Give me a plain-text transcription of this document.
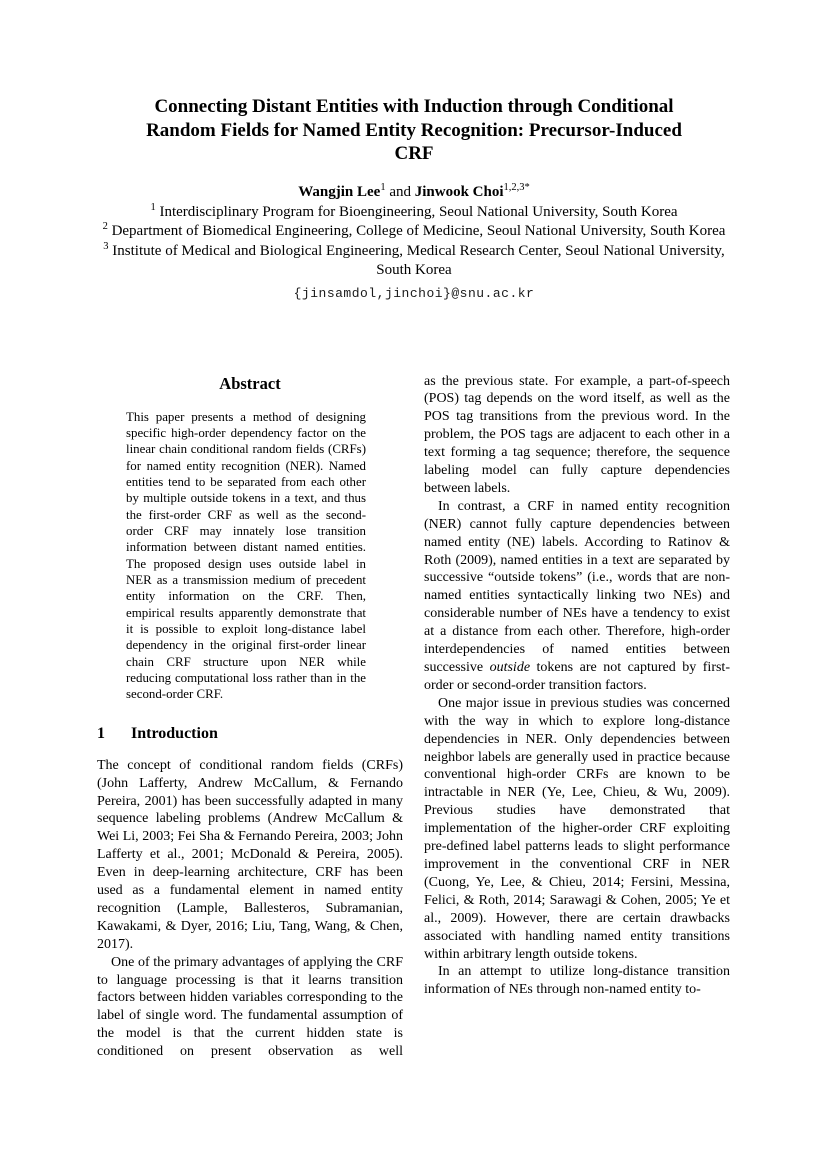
Connecting Distant Entities with Induction through Conditional
Random Fields for Named Entity Recognition: Precursor-Induced
CRF
Wangjin Lee$^1$ and Jinwook Choi$^{1,2,3*}$
$^1$ Interdisciplinary Program for Bioengineering, Seoul National University, South Korea
$^2$ Department of Biomedical Engineering, College of Medicine, Seoul National University, South Korea
$^3$ Institute of Medical and Biological Engineering, Medical Research Center, Seoul National University, South Korea
{jinsamdol,jinchoi}@snu.ac.kr
Abstract

This paper presents a method of designing specific high-order dependency factor on the linear chain conditional random fields (CRFs) for named entity recognition (NER). Named entities tend to be separated from each other by multiple outside tokens in a text, and thus the first-order CRF as well as the second-order CRF may innately lose transition information between distant named entities. The proposed design uses outside label in NER as a transmission medium of precedent entity information on the CRF. Then, empirical results apparently demonstrate that it is possible to exploit long-distance label dependency in the original first-order linear chain CRF structure upon NER while reducing computational loss rather than in the second-order CRF.

1 Introduction

The concept of conditional random fields (CRFs) (John Lafferty, Andrew McCallum, & Fernando Pereira, 2001) has been successfully adapted in many sequence labeling problems (Andrew McCallum & Wei Li, 2003; Fei Sha & Fernando Pereira, 2003; John Lafferty et al., 2001; McDonald & Pereira, 2005). Even in deep-learning architecture, CRF has been used as a fundamental element in named entity recognition (Lample, Ballesteros, Subramanian, Kawakami, & Dyer, 2016; Liu, Tang, Wang, & Chen, 2017).

One of the primary advantages of applying the CRF to language processing is that it learns transition factors between hidden variables corresponding to the label of single word. The fundamental assumption of the model is that the current hidden state is conditioned on present observation as well

as the previous state. For example, a part-of-speech (POS) tag depends on the word itself, as well as the POS tag transitions from the previous word. In the problem, the POS tags are adjacent to each other in a text forming a tag sequence; therefore, the sequence labeling model can fully capture dependencies between labels.

In contrast, a CRF in named entity recognition (NER) cannot fully capture dependencies between named entity (NE) labels. According to Ratinov & Roth (2009), named entities in a text are separated by successive “outside tokens” (i.e., words that are non-named entities syntactically linking two NEs) and considerable number of NEs have a tendency to exist at a distance from each other. Therefore, high-order interdependencies of named entities between successive outside tokens are not captured by first-order or second-order transition factors.

One major issue in previous studies was concerned with the way in which to explore long-distance dependencies in NER. Only dependencies between neighbor labels are generally used in practice because conventional high-order CRFs are known to be intractable in NER (Ye, Lee, Chieu, & Wu, 2009). Previous studies have demonstrated that implementation of the higher-order CRF exploiting pre-defined label patterns leads to slight performance improvement in the conventional CRF in NER (Cuong, Ye, Lee, & Chieu, 2014; Fersini, Messina, Felici, & Roth, 2014; Sarawagi & Cohen, 2005; Ye et al., 2009). However, there are certain drawbacks associated with handling named entity transitions within arbitrary length outside tokens.

In an attempt to utilize long-distance transition information of NEs through non-named entity to-
